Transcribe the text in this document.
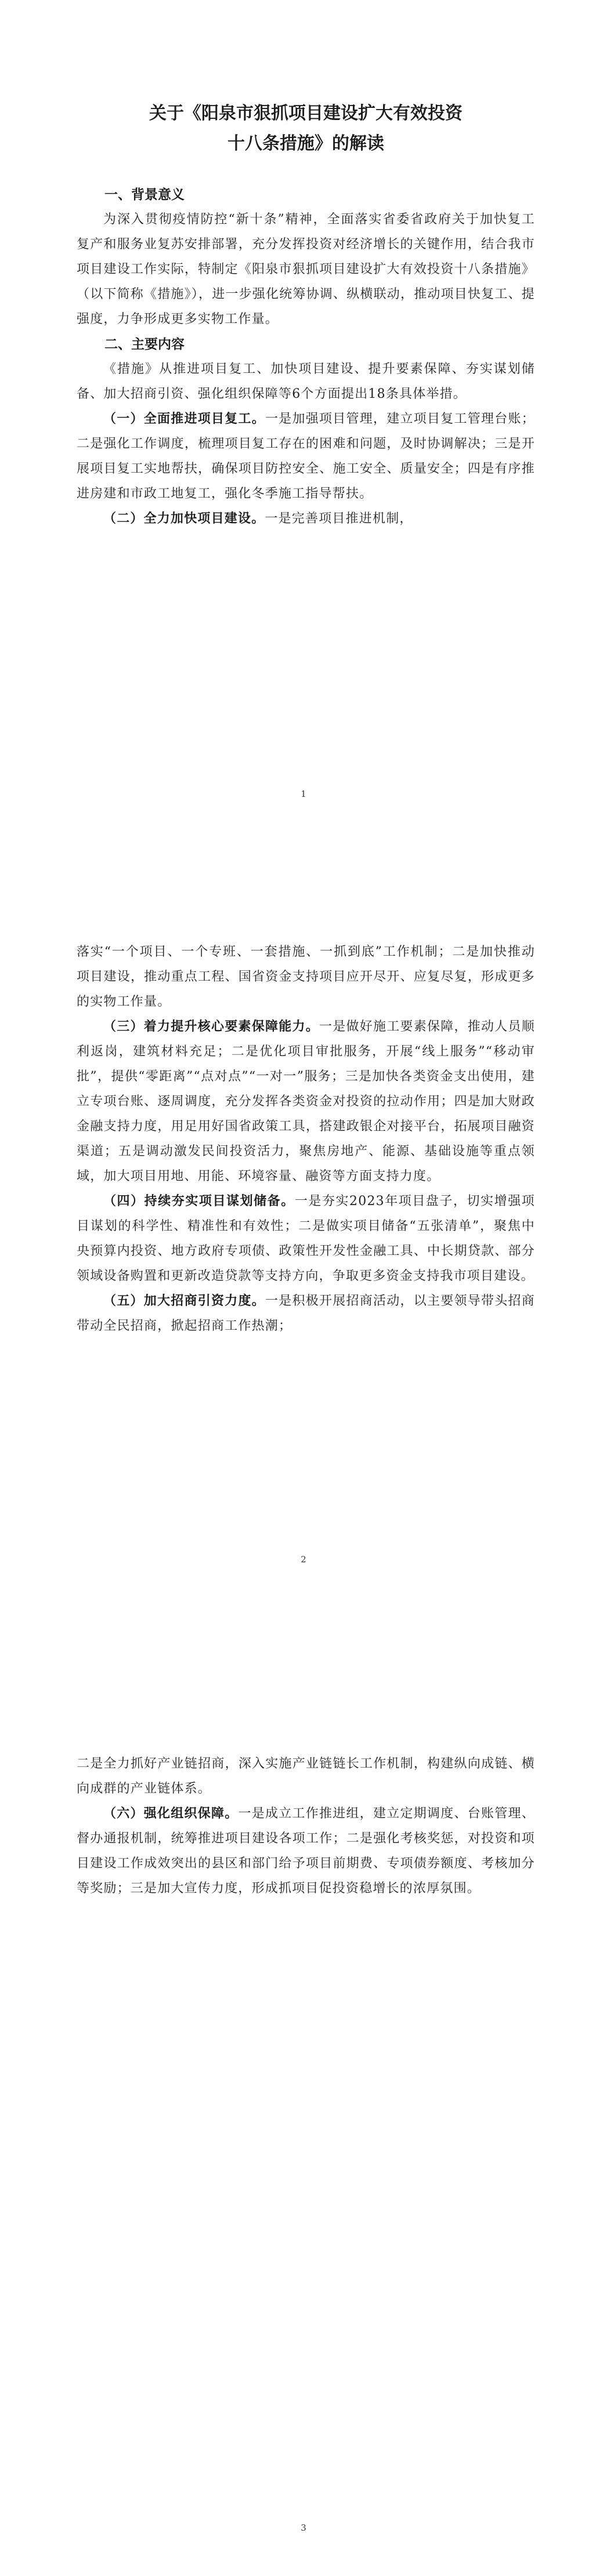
关于《阳泉市狠抓项目建设扩大有效投资
十八条措施》的解读
一、背景意义

为深入贯彻疫情防控“新十条”精神，全面落实省委省政府关于加快复工复产和服务业复苏安排部署，充分发挥投资对经济增长的关键作用，结合我市项目建设工作实际，特制定《阳泉市狠抓项目建设扩大有效投资十八条措施》（以下简称《措施》），进一步强化统筹协调、纵横联动，推动项目快复工、提强度，力争形成更多实物工作量。

二、主要内容

《措施》从推进项目复工、加快项目建设、提升要素保障、夯实谋划储备、加大招商引资、强化组织保障等6个方面提出18条具体举措。

（一）全面推进项目复工。一是加强项目管理，建立项目复工管理台账；二是强化工作调度，梳理项目复工存在的困难和问题，及时协调解决；三是开展项目复工实地帮扶，确保项目防控安全、施工安全、质量安全；四是有序推进房建和市政工地复工，强化冬季施工指导帮扶。

（二）全力加快项目建设。一是完善项目推进机制，

1

落实“一个项目、一个专班、一套措施、一抓到底”工作机制；二是加快推动项目建设，推动重点工程、国省资金支持项目应开尽开、应复尽复，形成更多的实物工作量。

（三）着力提升核心要素保障能力。一是做好施工要素保障，推动人员顺利返岗，建筑材料充足；二是优化项目审批服务，开展“线上服务”“移动审批”，提供“零距离”“点对点”“一对一”服务；三是加快各类资金支出使用，建立专项台账、逐周调度，充分发挥各类资金对投资的拉动作用；四是加大财政金融支持力度，用足用好国省政策工具，搭建政银企对接平台，拓展项目融资渠道；五是调动激发民间投资活力，聚焦房地产、能源、基础设施等重点领域，加大项目用地、用能、环境容量、融资等方面支持力度。

（四）持续夯实项目谋划储备。一是夯实2023年项目盘子，切实增强项目谋划的科学性、精准性和有效性；二是做实项目储备“五张清单”，聚焦中央预算内投资、地方政府专项债、政策性开发性金融工具、中长期贷款、部分领域设备购置和更新改造贷款等支持方向，争取更多资金支持我市项目建设。

（五）加大招商引资力度。一是积极开展招商活动，以主要领导带头招商带动全民招商，掀起招商工作热潮；

2

二是全力抓好产业链招商，深入实施产业链链长工作机制，构建纵向成链、横向成群的产业链体系。

（六）强化组织保障。一是成立工作推进组，建立定期调度、台账管理、督办通报机制，统筹推进项目建设各项工作；二是强化考核奖惩，对投资和项目建设工作成效突出的县区和部门给予项目前期费、专项债券额度、考核加分等奖励；三是加大宣传力度，形成抓项目促投资稳增长的浓厚氛围。

3
